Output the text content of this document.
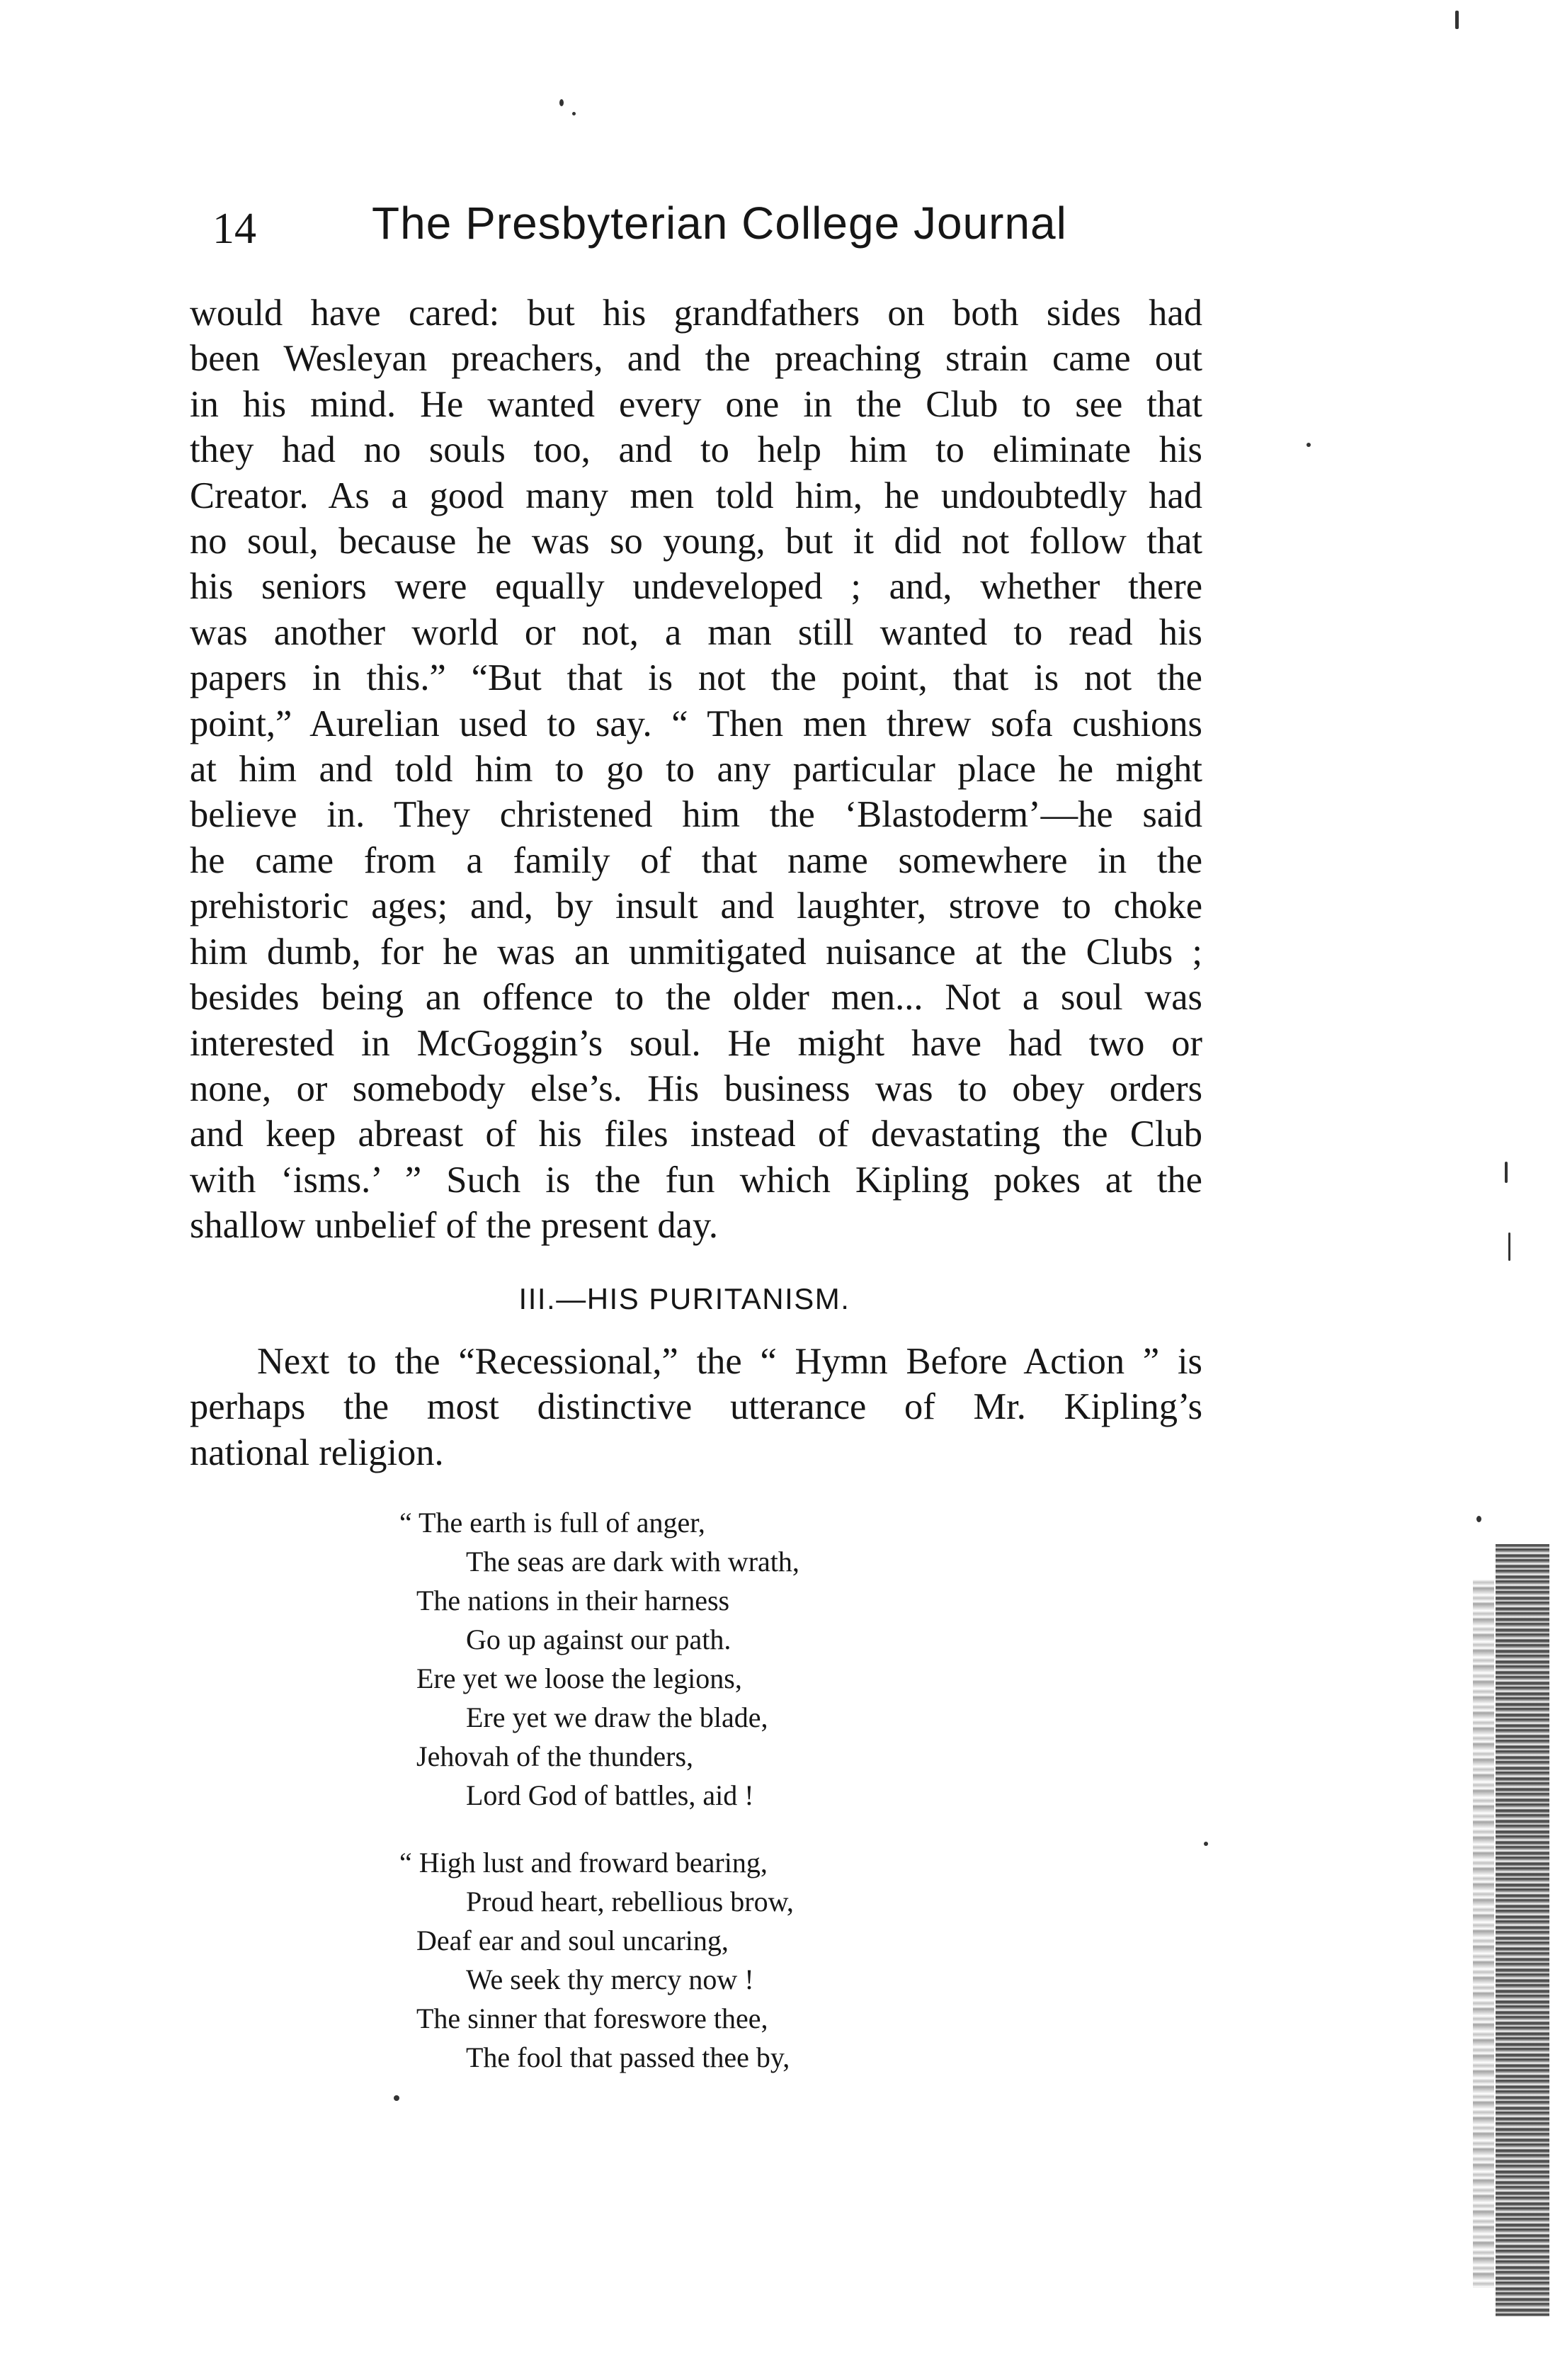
14	The Presbyterian College Journal
would have cared: but his grandfathers on both sides had
been Wesleyan preachers, and the preaching strain came out
in his mind. He wanted every one in the Club to see that
they had no souls too, and to help him to eliminate his
Creator. As a good many men told him, he undoubtedly had
no soul, because he was so young, but it did not follow that
his seniors were equally undeveloped ; and, whether there
was another world or not, a man still wanted to read his
papers in this.” “But that is not the point, that is not the
point,” Aurelian used to say. “ Then men threw sofa cushions
at him and told him to go to any particular place he might
believe in. They christened him the ‘Blastoderm’—he said
he came from a family of that name somewhere in the
prehistoric ages; and, by insult and laughter, strove to choke
him dumb, for he was an unmitigated nuisance at the Clubs ;
besides being an offence to the older men... Not a soul was
interested in McGoggin’s soul. He might have had two or
none, or somebody else’s. His business was to obey orders
and keep abreast of his files instead of devastating the Club
with ‘isms.’ ” Such is the fun which Kipling pokes at the
shallow unbelief of the present day.
III.—HIS PURITANISM.
Next to the “Recessional,” the “ Hymn Before Action ” is
perhaps the most distinctive utterance of Mr. Kipling’s
national religion.
“ The earth is full of anger,
The seas are dark with wrath,
The nations in their harness
Go up against our path.
Ere yet we loose the legions,
Ere yet we draw the blade,
Jehovah of the thunders,
Lord God of battles, aid !
“ High lust and froward bearing,
Proud heart, rebellious brow,
Deaf ear and soul uncaring,
We seek thy mercy now !
The sinner that foreswore thee,
The fool that passed thee by,
